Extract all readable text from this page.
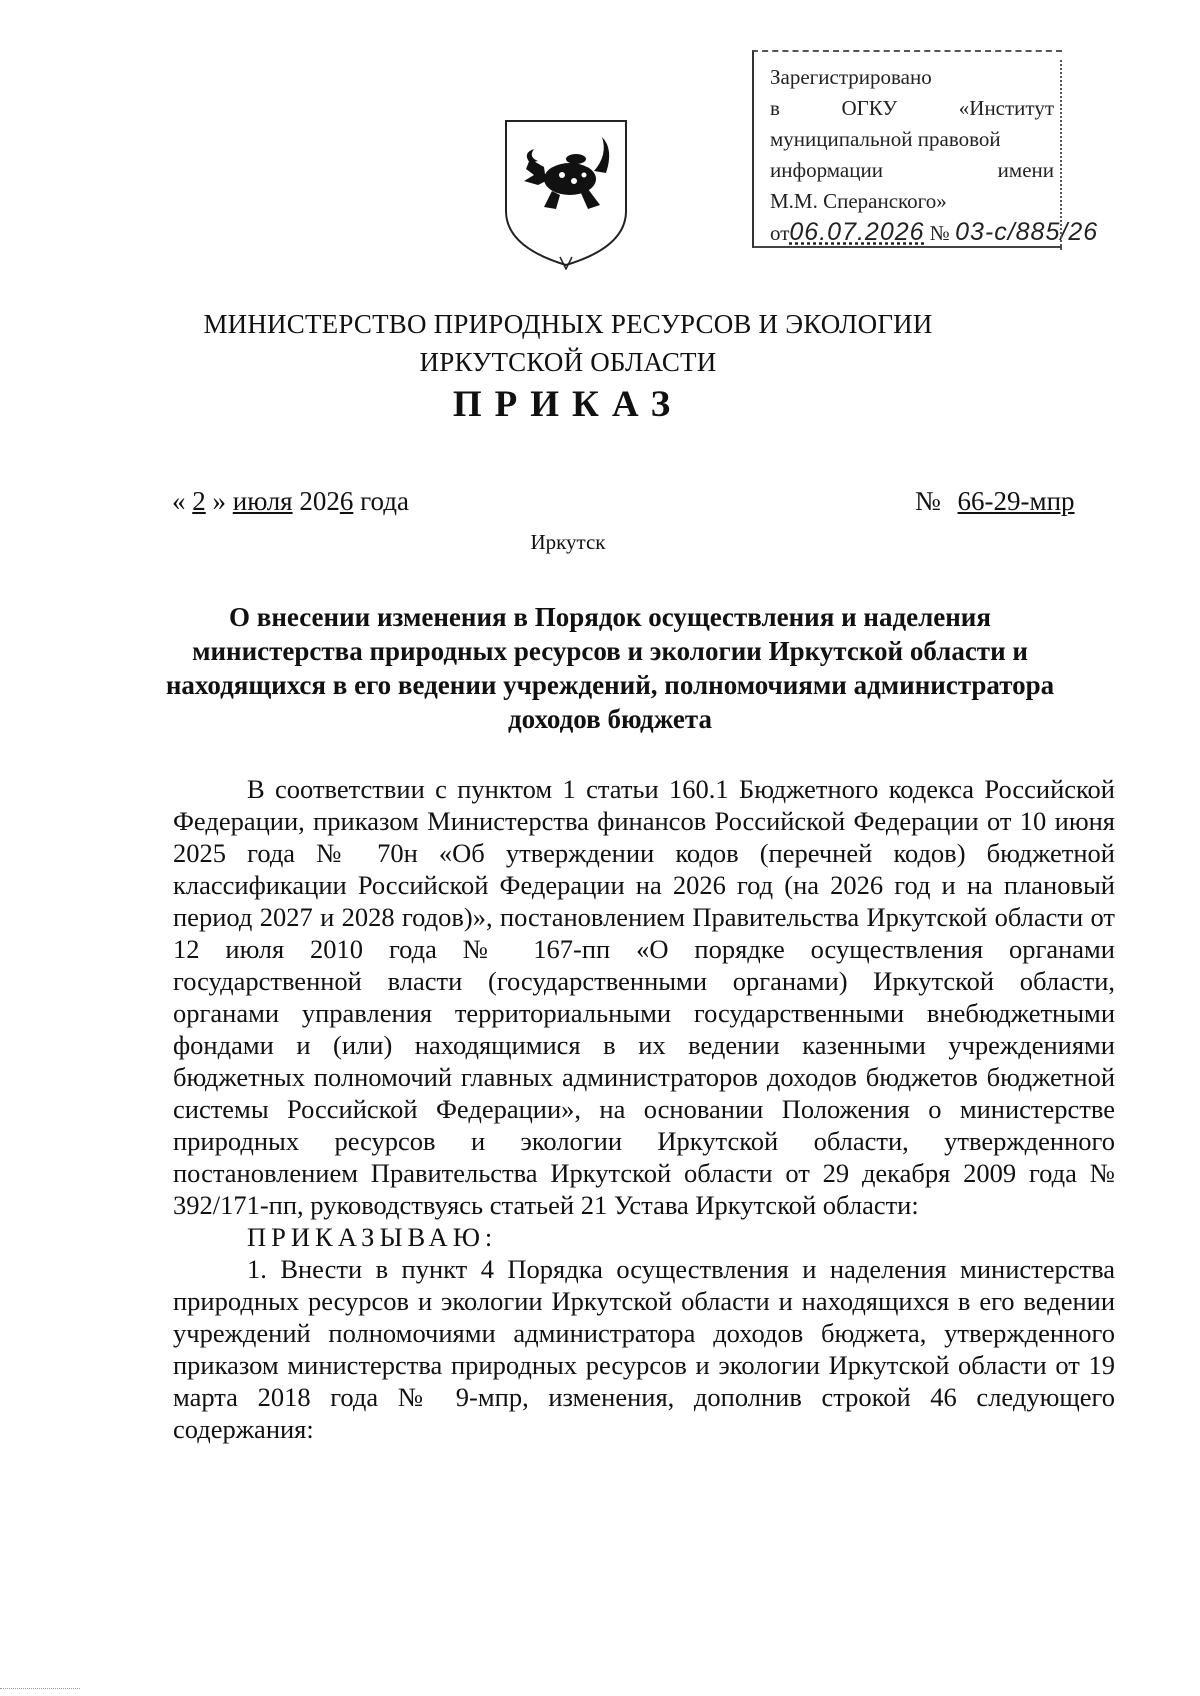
Зарегистрировано
в	ОГКУ	«Институт
муниципальной правовой
информации	имени
М.М. Сперанского»
от06.07.2026 № 03-с/885/26
МИНИСТЕРСТВО ПРИРОДНЫХ РЕСУРСОВ И ЭКОЛОГИИ
ИРКУТСКОЙ ОБЛАСТИ
ПРИКАЗ
« 2 » июля 2026 года	№ 66-29-мпр
Иркутск
О внесении изменения в Порядок осуществления и наделения министерства природных ресурсов и экологии Иркутской области и находящихся в его ведении учреждений, полномочиями администратора доходов бюджета

В соответствии с пунктом 1 статьи 160.1 Бюджетного кодекса Российской Федерации, приказом Министерства финансов Российской Федерации от 10 июня 2025 года № 70н «Об утверждении кодов (перечней кодов) бюджетной классификации Российской Федерации на 2026 год (на 2026 год и на плановый период 2027 и 2028 годов)», постановлением Правительства Иркутской области от 12 июля 2010 года № 167-пп «О порядке осуществления органами государственной власти (государственными органами) Иркутской области, органами управления территориальными государственными внебюджетными фондами и (или) находящимися в их ведении казенными учреждениями бюджетных полномочий главных администраторов доходов бюджетов бюджетной системы Российской Федерации», на основании Положения о министерстве природных ресурсов и экологии Иркутской области, утвержденного постановлением Правительства Иркутской области от 29 декабря 2009 года № 392/171-пп, руководствуясь статьей 21 Устава Иркутской области:

ПРИКАЗЫВАЮ:

1. Внести в пункт 4 Порядка осуществления и наделения министерства природных ресурсов и экологии Иркутской области и находящихся в его ведении учреждений полномочиями администратора доходов бюджета, утвержденного приказом министерства природных ресурсов и экологии Иркутской области от 19 марта 2018 года № 9-мпр, изменения, дополнив строкой 46 следующего содержания:
